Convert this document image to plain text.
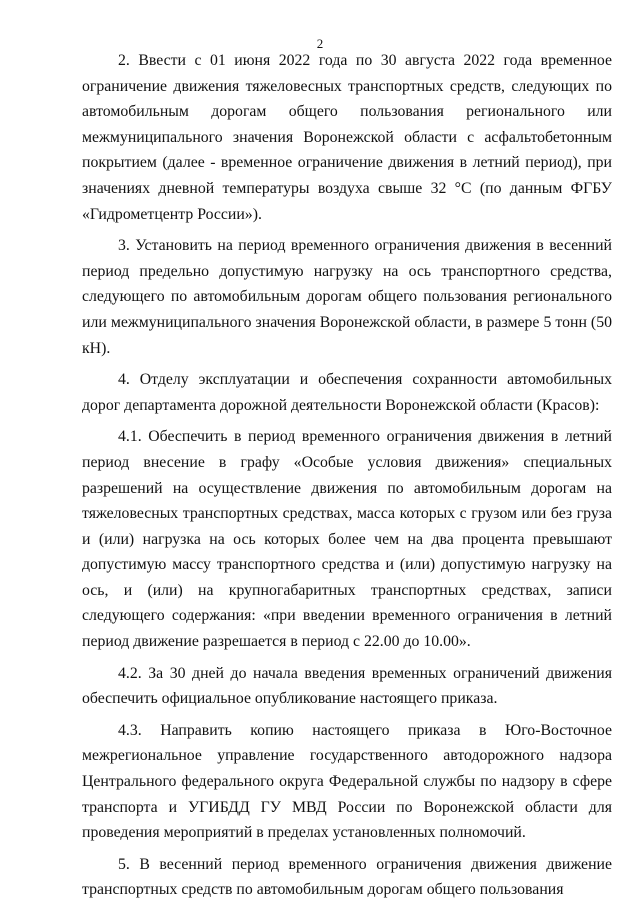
2

2. Ввести с 01 июня 2022 года по 30 августа 2022 года временное ограничение движения тяжеловесных транспортных средств, следующих по автомобильным дорогам общего пользования регионального или межмуниципального значения Воронежской области с асфальтобетонным покрытием (далее - временное ограничение движения в летний период), при значениях дневной температуры воздуха свыше 32 °С (по данным ФГБУ «Гидрометцентр России»).

3. Установить на период временного ограничения движения в весенний период предельно допустимую нагрузку на ось транспортного средства, следующего по автомобильным дорогам общего пользования регионального или межмуниципального значения Воронежской области, в размере 5 тонн (50 кН).

4. Отделу эксплуатации и обеспечения сохранности автомобильных дорог департамента дорожной деятельности Воронежской области (Красов):

4.1. Обеспечить в период временного ограничения движения в летний период внесение в графу «Особые условия движения» специальных разрешений на осуществление движения по автомобильным дорогам на тяжеловесных транспортных средствах, масса которых с грузом или без груза и (или) нагрузка на ось которых более чем на два процента превышают допустимую массу транспортного средства и (или) допустимую нагрузку на ось, и (или) на крупногабаритных транспортных средствах, записи следующего содержания: «при введении временного ограничения в летний период движение разрешается в период с 22.00 до 10.00».

4.2. За 30 дней до начала введения временных ограничений движения обеспечить официальное опубликование настоящего приказа.

4.3. Направить копию настоящего приказа в Юго-Восточное межрегиональное управление государственного автодорожного надзора Центрального федерального округа Федеральной службы по надзору в сфере транспорта и УГИБДД ГУ МВД России по Воронежской области для проведения мероприятий в пределах установленных полномочий.

5. В весенний период временного ограничения движения движение транспортных средств по автомобильным дорогам общего пользования
